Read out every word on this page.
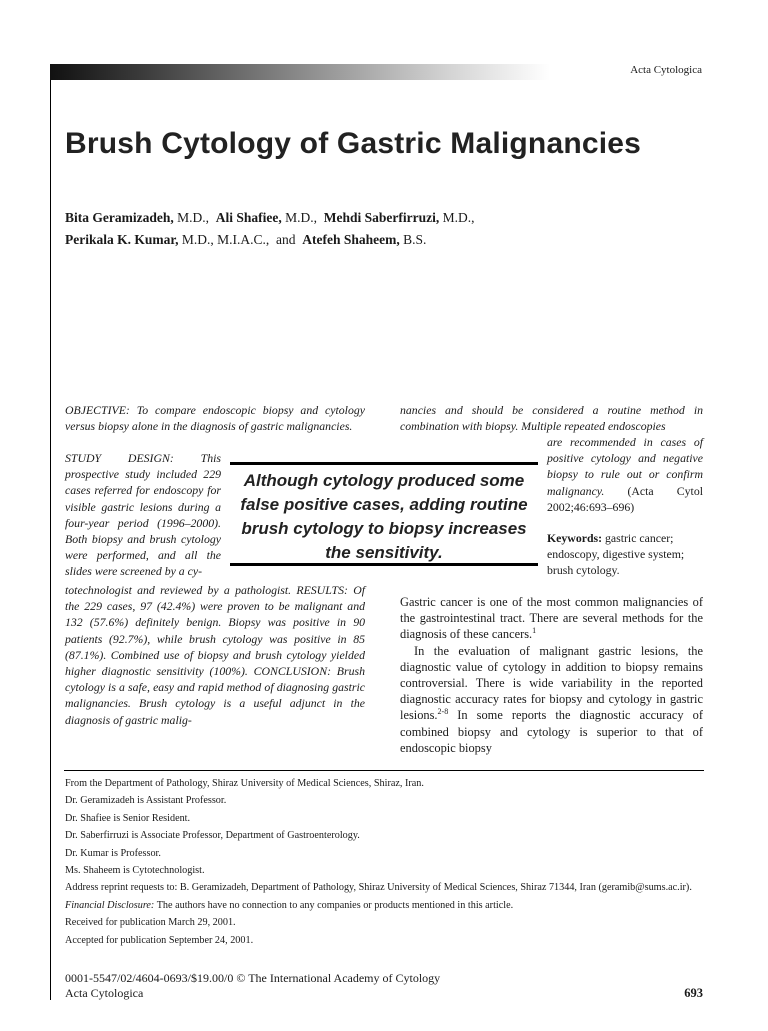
Acta Cytologica
Brush Cytology of Gastric Malignancies
Bita Geramizadeh, M.D., Ali Shafiee, M.D., Mehdi Saberfirruzi, M.D.,
Perikala K. Kumar, M.D., M.I.A.C., and Atefeh Shaheem, B.S.
OBJECTIVE: To compare endoscopic biopsy and cytology versus biopsy alone in the diagnosis of gastric malignancies.
STUDY DESIGN: This prospective study included 229 cases referred for endoscopy for visible gastric lesions during a four-year period (1996–2000). Both biopsy and brush cytology were performed, and all the slides were screened by a cy-
totechnologist and reviewed by a pathologist. RESULTS: Of the 229 cases, 97 (42.4%) were proven to be malignant and 132 (57.6%) definitely benign. Biopsy was positive in 90 patients (92.7%), while brush cytology was positive in 85 (87.1%). Combined use of biopsy and brush cytology yielded higher diagnostic sensitivity (100%). CONCLUSION: Brush cytology is a safe, easy and rapid method of diagnosing gastric malignancies. Brush cytology is a useful adjunct in the diagnosis of gastric malig-
nancies and should be considered a routine method in combination with biopsy. Multiple repeated endoscopies
are recommended in cases of positive cytology and negative biopsy to rule out or confirm malignancy. (Acta Cytol 2002;46:693–696)
Keywords: gastric cancer; endoscopy, digestive system; brush cytology.
Although cytology produced some false positive cases, adding routine brush cytology to biopsy increases the sensitivity.

Gastric cancer is one of the most common malignancies of the gastrointestinal tract. There are several methods for the diagnosis of these cancers.$^1$

In the evaluation of malignant gastric lesions, the diagnostic value of cytology in addition to biopsy remains controversial. There is wide variability in the reported diagnostic accuracy rates for biopsy and cytology in gastric lesions.$^{2-8}$ In some reports the diagnostic accuracy of combined biopsy and cytology is superior to that of endoscopic biopsy

From the Department of Pathology, Shiraz University of Medical Sciences, Shiraz, Iran.
Dr. Geramizadeh is Assistant Professor.
Dr. Shafiee is Senior Resident.
Dr. Saberfirruzi is Associate Professor, Department of Gastroenterology.
Dr. Kumar is Professor.
Ms. Shaheem is Cytotechnologist.
Address reprint requests to: B. Geramizadeh, Department of Pathology, Shiraz University of Medical Sciences, Shiraz 71344, Iran (geramib@sums.ac.ir).
Financial Disclosure: The authors have no connection to any companies or products mentioned in this article.
Received for publication March 29, 2001.
Accepted for publication September 24, 2001.
0001-5547/02/4604-0693/$19.00/0 © The International Academy of Cytology
Acta Cytologica	693
